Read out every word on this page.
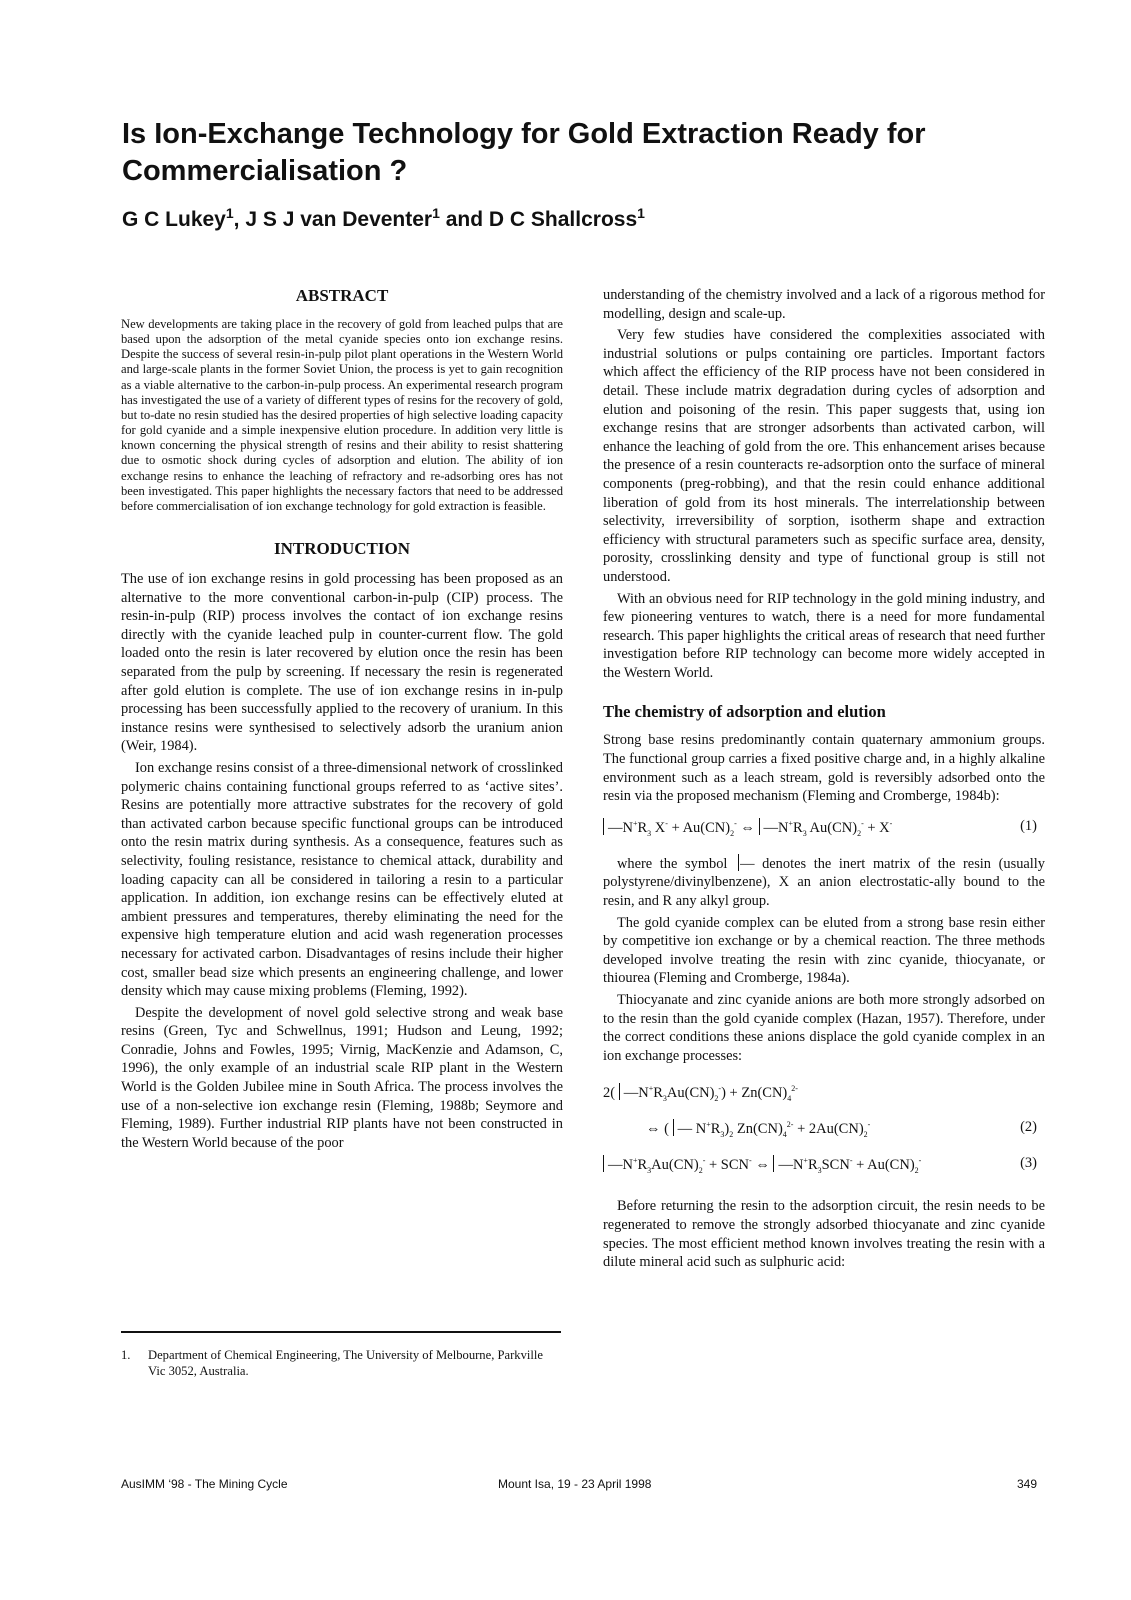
Is Ion-Exchange Technology for Gold Extraction Ready for Commercialisation ?

G C Lukey$^1$, J S J van Deventer$^1$ and D C Shallcross$^1$

ABSTRACT

New developments are taking place in the recovery of gold from leached pulps that are based upon the adsorption of the metal cyanide species onto ion exchange resins. Despite the success of several resin-in-pulp pilot plant operations in the Western World and large-scale plants in the former Soviet Union, the process is yet to gain recognition as a viable alternative to the carbon-in-pulp process. An experimental research program has investigated the use of a variety of different types of resins for the recovery of gold, but to-date no resin studied has the desired properties of high selective loading capacity for gold cyanide and a simple inexpensive elution procedure. In addition very little is known concerning the physical strength of resins and their ability to resist shattering due to osmotic shock during cycles of adsorption and elution. The ability of ion exchange resins to enhance the leaching of refractory and re-adsorbing ores has not been investigated. This paper highlights the necessary factors that need to be addressed before commercialisation of ion exchange technology for gold extraction is feasible.

INTRODUCTION

The use of ion exchange resins in gold processing has been proposed as an alternative to the more conventional carbon-in-pulp (CIP) process. The resin-in-pulp (RIP) process involves the contact of ion exchange resins directly with the cyanide leached pulp in counter-current flow. The gold loaded onto the resin is later recovered by elution once the resin has been separated from the pulp by screening. If necessary the resin is regenerated after gold elution is complete. The use of ion exchange resins in in-pulp processing has been successfully applied to the recovery of uranium. In this instance resins were synthesised to selectively adsorb the uranium anion (Weir, 1984).

Ion exchange resins consist of a three-dimensional network of crosslinked polymeric chains containing functional groups referred to as ‘active sites’. Resins are potentially more attractive substrates for the recovery of gold than activated carbon because specific functional groups can be introduced onto the resin matrix during synthesis. As a consequence, features such as selectivity, fouling resistance, resistance to chemical attack, durability and loading capacity can all be considered in tailoring a resin to a particular application. In addition, ion exchange resins can be effectively eluted at ambient pressures and temperatures, thereby eliminating the need for the expensive high temperature elution and acid wash regeneration processes necessary for activated carbon. Disadvantages of resins include their higher cost, smaller bead size which presents an engineering challenge, and lower density which may cause mixing problems (Fleming, 1992).

Despite the development of novel gold selective strong and weak base resins (Green, Tyc and Schwellnus, 1991; Hudson and Leung, 1992; Conradie, Johns and Fowles, 1995; Virnig, MacKenzie and Adamson, C, 1996), the only example of an industrial scale RIP plant in the Western World is the Golden Jubilee mine in South Africa. The process involves the use of a non-selective ion exchange resin (Fleming, 1988b; Seymore and Fleming, 1989). Further industrial RIP plants have not been constructed in the Western World because of the poor

1.	Department of Chemical Engineering, The University of Melbourne, Parkville Vic 3052, Australia.

understanding of the chemistry involved and a lack of a rigorous method for modelling, design and scale-up.

Very few studies have considered the complexities associated with industrial solutions or pulps containing ore particles. Important factors which affect the efficiency of the RIP process have not been considered in detail. These include matrix degradation during cycles of adsorption and elution and poisoning of the resin. This paper suggests that, using ion exchange resins that are stronger adsorbents than activated carbon, will enhance the leaching of gold from the ore. This enhancement arises because the presence of a resin counteracts re-adsorption onto the surface of mineral components (preg-robbing), and that the resin could enhance additional liberation of gold from its host minerals. The interrelationship between selectivity, irreversibility of sorption, isotherm shape and extraction efficiency with structural parameters such as specific surface area, density, porosity, crosslinking density and type of functional group is still not understood.

With an obvious need for RIP technology in the gold mining industry, and few pioneering ventures to watch, there is a need for more fundamental research. This paper highlights the critical areas of research that need further investigation before RIP technology can become more widely accepted in the Western World.

The chemistry of adsorption and elution

Strong base resins predominantly contain quaternary ammonium groups. The functional group carries a fixed positive charge and, in a highly alkaline environment such as a leach stream, gold is reversibly adsorbed onto the resin via the proposed mechanism (Fleming and Cromberge, 1984b):

$—N^+R_3$ $X^- + Au(CN)_2^-$ ⇔ $—N^+R_3$ $Au(CN)_2^- + X^-$	(1)

where the symbol — denotes the inert matrix of the resin (usually polystyrene/divinylbenzene), X an anion electrostatic-ally bound to the resin, and R any alkyl group.

The gold cyanide complex can be eluted from a strong base resin either by competitive ion exchange or by a chemical reaction. The three methods developed involve treating the resin with zinc cyanide, thiocyanate, or thiourea (Fleming and Cromberge, 1984a).

Thiocyanate and zinc cyanide anions are both more strongly adsorbed on to the resin than the gold cyanide complex (Hazan, 1957). Therefore, under the correct conditions these anions displace the gold cyanide complex in an ion exchange processes:

2( $—N^+R_3Au(CN)_2^-) + Zn(CN)_4^{2-}$
⇔ ( — $N^+R_3)_2$ $Zn(CN)_4^{2-} + 2Au(CN)_2^-$	(2)
$—N^+R_3Au(CN)_2^- + SCN^-$ ⇔ $—N^+R_3SCN^- + Au(CN)_2^-$	(3)

Before returning the resin to the adsorption circuit, the resin needs to be regenerated to remove the strongly adsorbed thiocyanate and zinc cyanide species. The most efficient method known involves treating the resin with a dilute mineral acid such as sulphuric acid:

AusIMM ‘98 - The Mining Cycle	Mount Isa, 19 - 23 April 1998	349
